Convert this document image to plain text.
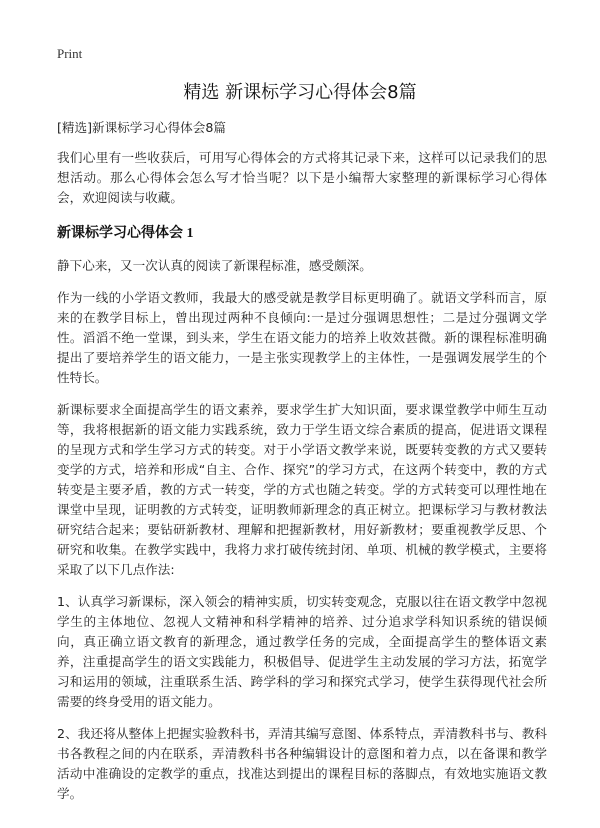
Print
精选 新课标学习心得体会8篇

[精选]新课标学习心得体会8篇

我们心里有一些收获后，可用写心得体会的方式将其记录下来，这样可以记录我们的思想活动。那么心得体会怎么写才恰当呢？以下是小编帮大家整理的新课标学习心得体会，欢迎阅读与收藏。

新课标学习心得体会 1

静下心来，又一次认真的阅读了新课程标准，感受颇深。

作为一线的小学语文教师，我最大的感受就是教学目标更明确了。就语文学科而言，原来的在教学目标上，曾出现过两种不良倾向:一是过分强调思想性；二是过分强调文学性。滔滔不绝一堂课，到头来，学生在语文能力的培养上收效甚微。新的课程标准明确提出了要培养学生的语文能力，一是主张实现教学上的主体性，一是强调发展学生的个性特长。

新课标要求全面提高学生的语文素养，要求学生扩大知识面，要求课堂教学中师生互动等，我将根据新的语文能力实践系统，致力于学生语文综合素质的提高，促进语文课程的呈现方式和学生学习方式的转变。对于小学语文教学来说，既要转变教的方式又要转变学的方式，培养和形成“自主、合作、探究”的学习方式，在这两个转变中，教的方式转变是主要矛盾，教的方式一转变，学的方式也随之转变。学的方式转变可以理性地在课堂中呈现，证明教的方式转变，证明教师新理念的真正树立。把课标学习与教材教法研究结合起来；要钻研新教材、理解和把握新教材，用好新教材；要重视教学反思、个研究和收集。在教学实践中，我将力求打破传统封闭、单项、机械的教学模式，主要将采取了以下几点作法:

1、认真学习新课标，深入领会的精神实质，切实转变观念，克服以往在语文教学中忽视学生的主体地位、忽视人文精神和科学精神的培养、过分追求学科知识系统的错误倾向，真正确立语文教育的新理念，通过教学任务的完成，全面提高学生的整体语文素养，注重提高学生的语文实践能力，积极倡导、促进学生主动发展的学习方法，拓宽学习和运用的领域，注重联系生活、跨学科的学习和探究式学习，使学生获得现代社会所需要的终身受用的语文能力。

2、我还将从整体上把握实验教科书，弄清其编写意图、体系特点，弄清教科书与、教科书各教程之间的内在联系，弄清教科书各种编辑设计的意图和着力点，以在备课和教学活动中准确设的定教学的重点，找准达到提出的课程目标的落脚点，有效地实施语文教学。
